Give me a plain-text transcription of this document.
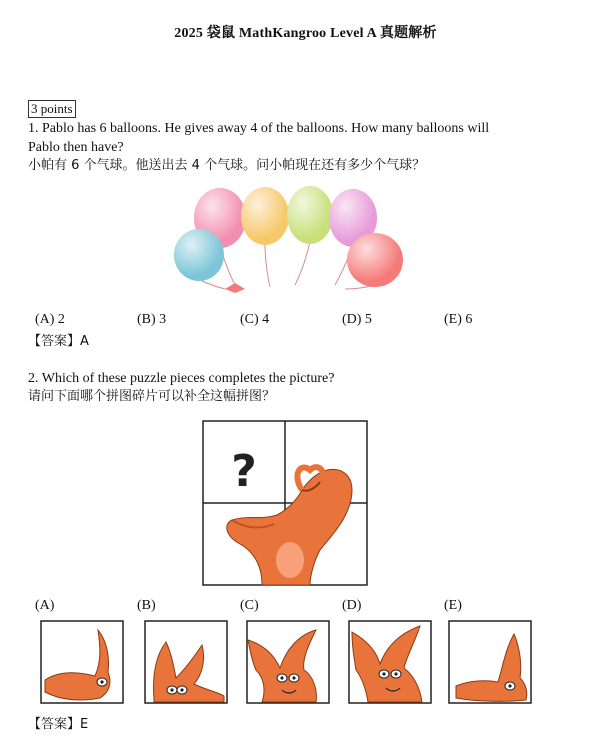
2025 袋鼠 MathKangroo Level A 真题解析
3 points
1. Pablo has 6 balloons. He gives away 4 of the balloons. How many balloons will
Pablo then have?
小帕有 6 个气球。他送出去 4 个气球。问小帕现在还有多少个气球？
(A) 2	(B) 3	(C) 4	(D) 5	(E) 6
【答案】A
2. Which of these puzzle pieces completes the picture?
请问下面哪个拼图碎片可以补全这幅拼图？
?
(A)	(B)	(C)	(D)	(E)
【答案】E
